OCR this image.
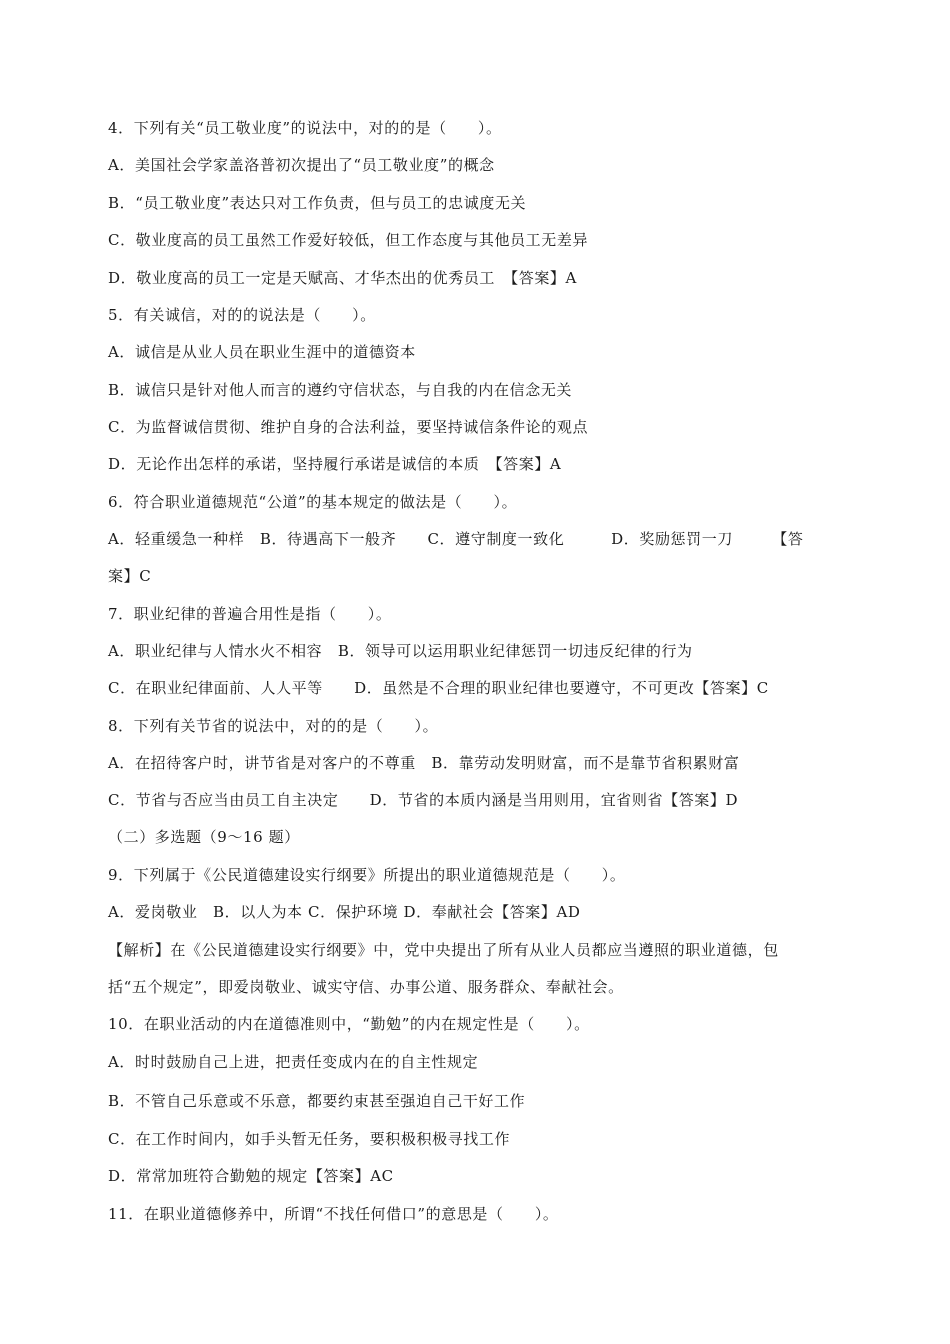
4．下列有关“员工敬业度”的说法中，对的的是（　　）。
A．美国社会学家盖洛普初次提出了“员工敬业度”的概念
B．“员工敬业度”表达只对工作负责，但与员工的忠诚度无关
C．敬业度高的员工虽然工作爱好较低，但工作态度与其他员工无差异
D．敬业度高的员工一定是天赋高、才华杰出的优秀员工　【答案】A
5．有关诚信，对的的说法是（　　）。
A．诚信是从业人员在职业生涯中的道德资本
B．诚信只是针对他人而言的遵约守信状态，与自我的内在信念无关
C．为监督诚信贯彻、维护自身的合法利益，要坚持诚信条件论的观点
D．无论作出怎样的承诺，坚持履行承诺是诚信的本质　【答案】A
6．符合职业道德规范“公道”的基本规定的做法是（　　）。
A．轻重缓急一种样　B．待遇高下一般齐　　C．遵守制度一致化　　　D．奖励惩罚一刀　　　【答
案】C
7．职业纪律的普遍合用性是指（　　）。
A．职业纪律与人情水火不相容　B．领导可以运用职业纪律惩罚一切违反纪律的行为
C．在职业纪律面前、人人平等　　D．虽然是不合理的职业纪律也要遵守，不可更改【答案】C
8．下列有关节省的说法中，对的的是（　　）。
A．在招待客户时，讲节省是对客户的不尊重　B．靠劳动发明财富，而不是靠节省积累财富
C．节省与否应当由员工自主决定　　D．节省的本质内涵是当用则用，宜省则省【答案】D
（二）多选题（9～16 题）
9．下列属于《公民道德建设实行纲要》所提出的职业道德规范是（　　）。
A．爱岗敬业　B．以人为本 C．保护环境 D．奉献社会【答案】AD
【解析】在《公民道德建设实行纲要》中，党中央提出了所有从业人员都应当遵照的职业道德，包
括“五个规定”，即爱岗敬业、诚实守信、办事公道、服务群众、奉献社会。
10．在职业活动的内在道德准则中，“勤勉”的内在规定性是（　　）。
A．时时鼓励自己上进，把责任变成内在的自主性规定
B．不管自己乐意或不乐意，都要约束甚至强迫自己干好工作
C．在工作时间内，如手头暂无任务，要积极积极寻找工作
D．常常加班符合勤勉的规定【答案】AC
11．在职业道德修养中，所谓“不找任何借口”的意思是（　　）。
